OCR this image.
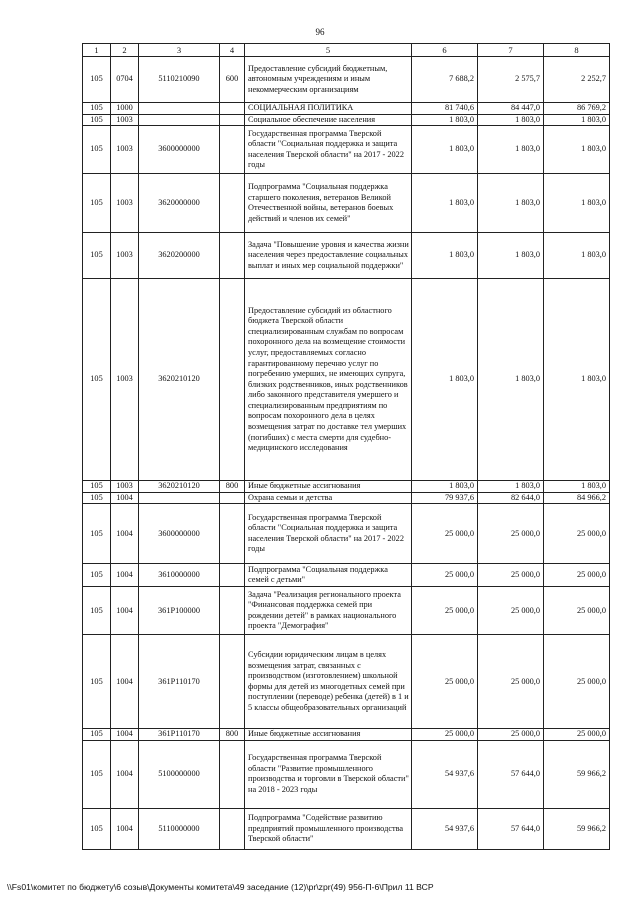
96
1	2	3	4	5	6	7	8
105	0704	5110210090	600	Предоставление субсидий бюджетным, автономным учреждениям и иным некоммерческим организациям	7 688,2	2 575,7	2 252,7
105	1000			СОЦИАЛЬНАЯ ПОЛИТИКА	81 740,6	84 447,0	86 769,2
105	1003			Социальное обеспечение населения	1 803,0	1 803,0	1 803,0
105	1003	3600000000		Государственная программа Тверской области "Социальная поддержка и защита населения Тверской области" на 2017 - 2022 годы	1 803,0	1 803,0	1 803,0
105	1003	3620000000		Подпрограмма "Социальная поддержка старшего поколения, ветеранов Великой Отечественной войны, ветеранов боевых действий и членов их семей"	1 803,0	1 803,0	1 803,0
105	1003	3620200000		Задача "Повышение уровня и качества жизни населения через предоставление социальных выплат и иных мер социальной поддержки"	1 803,0	1 803,0	1 803,0
105	1003	3620210120		Предоставление субсидий из областного бюджета Тверской области специализированным службам по вопросам похоронного дела на возмещение стоимости услуг, предоставляемых согласно гарантированному перечню услуг по погребению умерших, не имеющих супруга, близких родственников, иных родственников либо законного представителя умершего и специализированным предприятиям по вопросам похоронного дела в целях возмещения затрат по доставке тел умерших (погибших) с места смерти для судебно-медицинского исследования	1 803,0	1 803,0	1 803,0
105	1003	3620210120	800	Иные бюджетные ассигнования	1 803,0	1 803,0	1 803,0
105	1004			Охрана семьи и детства	79 937,6	82 644,0	84 966,2
105	1004	3600000000		Государственная программа Тверской области "Социальная поддержка и защита населения Тверской области" на 2017 - 2022 годы	25 000,0	25 000,0	25 000,0
105	1004	3610000000		Подпрограмма "Социальная поддержка семей с детьми"	25 000,0	25 000,0	25 000,0
105	1004	361P100000		Задача "Реализация регионального проекта "Финансовая поддержка семей при рождении детей" в рамках национального проекта "Демография"	25 000,0	25 000,0	25 000,0
105	1004	361P110170		Субсидии юридическим лицам в целях возмещения затрат, связанных с производством (изготовлением) школьной формы для детей из многодетных семей при поступлении (переводе) ребенка (детей) в 1 и 5 классы общеобразовательных организаций	25 000,0	25 000,0	25 000,0
105	1004	361P110170	800	Иные бюджетные ассигнования	25 000,0	25 000,0	25 000,0
105	1004	5100000000		Государственная программа Тверской области "Развитие промышленного производства и торговли в Тверской области" на 2018 - 2023 годы	54 937,6	57 644,0	59 966,2
105	1004	5110000000		Подпрограмма "Содействие развитию предприятий промышленного производства Тверской области"	54 937,6	57 644,0	59 966,2
\\Fs01\комитет по бюджету\6 созыв\Документы комитета\49 заседание (12)\pr\zpr(49) 956-П-6\Прил 11 ВСР
